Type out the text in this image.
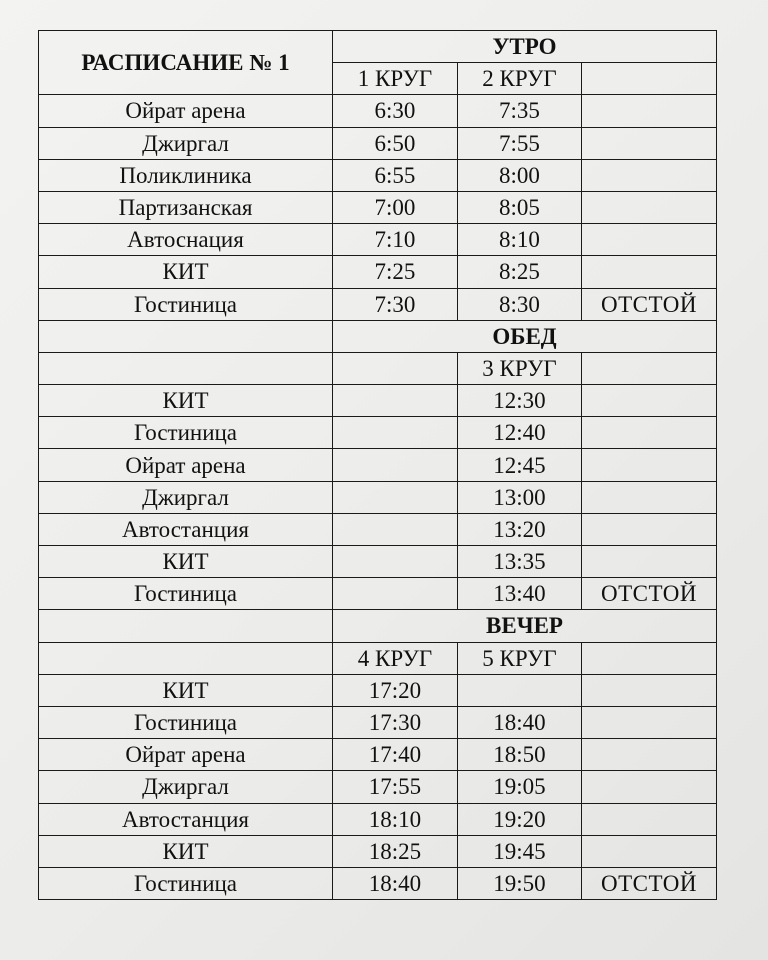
РАСПИСАНИЕ № 1	УТРО		
	1 КРУГ	2 КРУГ	
Ойрат арена	6:30	7:35	
Джиргал	6:50	7:55	
Поликлиника	6:55	8:00	
Партизанская	7:00	8:05	
Автоснация	7:10	8:10	
КИТ	7:25	8:25	
Гостиница	7:30	8:30	ОТСТОЙ
	ОБЕД		
		3 КРУГ	
КИТ		12:30	
Гостиница		12:40	
Ойрат арена		12:45	
Джиргал		13:00	
Автостанция		13:20	
КИТ		13:35	
Гостиница		13:40	ОТСТОЙ
	ВЕЧЕР		
	4 КРУГ	5 КРУГ	
КИТ	17:20		
Гостиница	17:30	18:40	
Ойрат арена	17:40	18:50	
Джиргал	17:55	19:05	
Автостанция	18:10	19:20	
КИТ	18:25	19:45	
Гостиница	18:40	19:50	ОТСТОЙ
